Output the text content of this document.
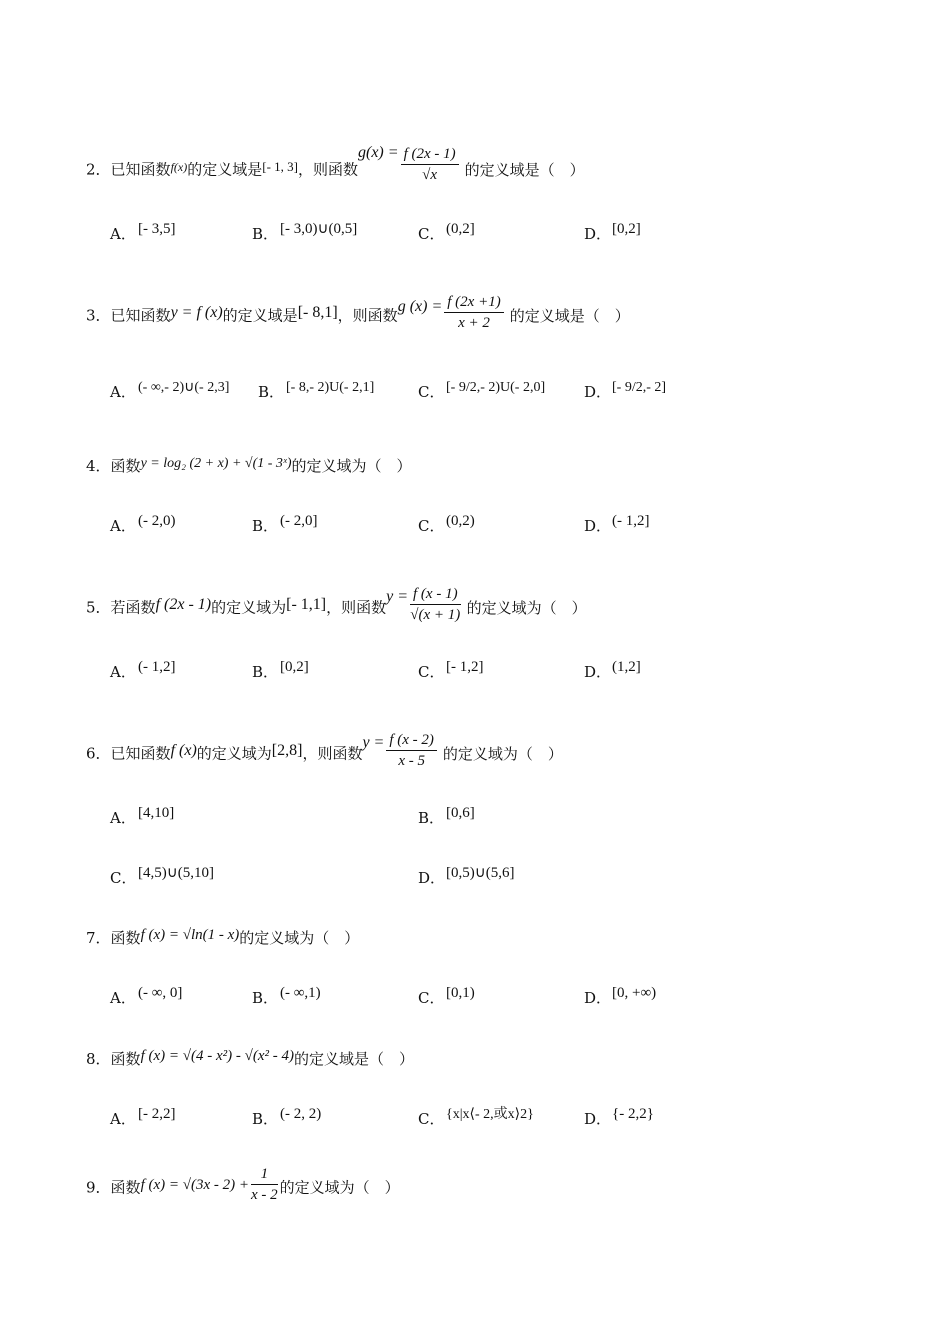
2．已知函数$^{f(x)}$的定义域是[- 1, 3]，则函数$g(x) = \frac{f (2x - 1)}{√x}$ 的定义域是（　）
A． [- 3,5]	B． [- 3,0)∪(0,5]	C． (0,2]	D． [0,2]
3．已知函数y = f (x)的定义域是[- 8,1]，则函数g $(x) = \frac{f (2x +1)}{x + 2}$ 的定义域是（　）
A． (- ∞,- 2)∪(- 2,3] B． [- 8,- 2)U(- 2,1]	C． [- 9/2,- 2)U(- 2,0]	D． [- 9/2,- 2]
4．函数y = log₂ (2 + x) + √(1 - 3ˣ)的定义域为（　）
A． (- 2,0)	B． (- 2,0]	C． (0,2)	D． (- 1,2]
5．若函数f (2x - 1)的定义域为[- 1,1]，则函数$y = \frac{f (x - 1)}{√(x + 1)}$ 的定义域为（　）
A． (- 1,2]	B． [0,2]	C． [- 1,2]	D． (1,2]
6．已知函数f (x)的定义域为[2,8]，则函数$y = \frac{f (x - 2)}{x - 5}$ 的定义域为（　）
A． [4,10]	B． [0,6]
C． [4,5)∪(5,10]	D． [0,5)∪(5,6]
7．函数f (x) = √ln(1 - x)的定义域为（　）
A． (- ∞, 0]	B． (- ∞,1)	C． [0,1)	D． [0, +∞)
8．函数f (x) = √(4 - x²) - √(x² - 4)的定义域是（　）
A． [- 2,2]	B． (- 2, 2)	C． {x|x⟨- 2,或x⟩2}	D． {- 2,2}
9．函数f $(x) = √(3x - 2) + \frac{1}{x - 2}$ 的定义域为（　）
